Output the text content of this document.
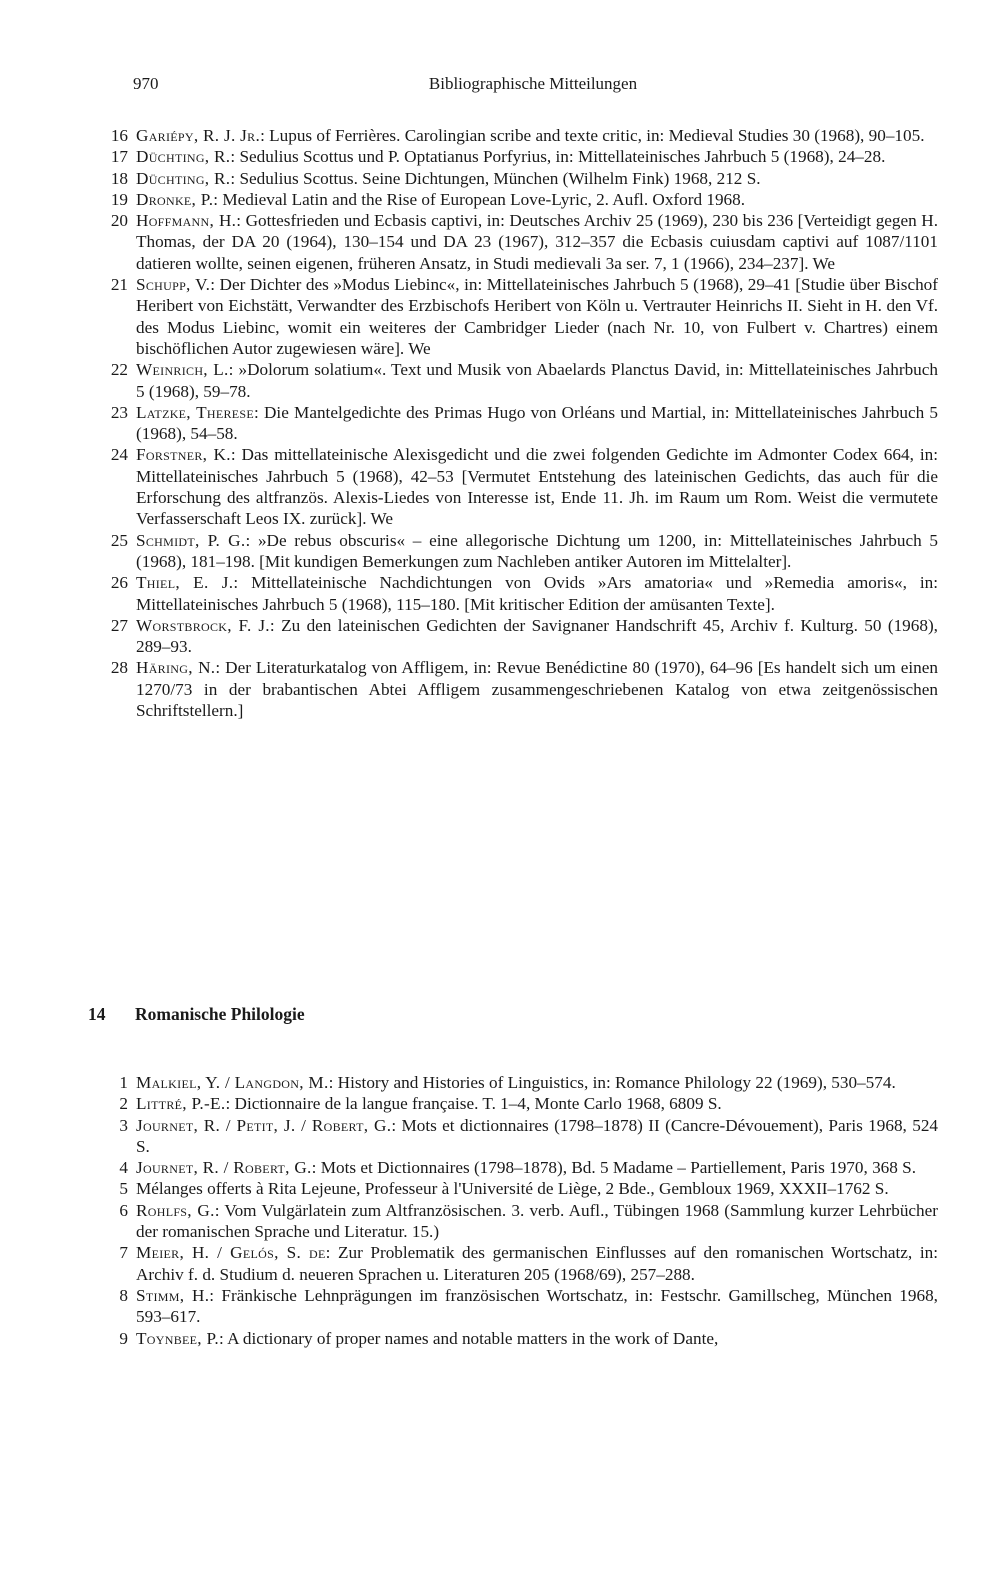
970	Bibliographische Mitteilungen

16 Gariépy, R. J. Jr.: Lupus of Ferrières. Carolingian scribe and texte critic, in: Medieval Studies 30 (1968), 90–105.

17 Düchting, R.: Sedulius Scottus und P. Optatianus Porfyrius, in: Mittellateinisches Jahrbuch 5 (1968), 24–28.

18 Düchting, R.: Sedulius Scottus. Seine Dichtungen, München (Wilhelm Fink) 1968, 212 S.

19 Dronke, P.: Medieval Latin and the Rise of European Love-Lyric, 2. Aufl. Oxford 1968.

20 Hoffmann, H.: Gottesfrieden und Ecbasis captivi, in: Deutsches Archiv 25 (1969), 230 bis 236 [Verteidigt gegen H. Thomas, der DA 20 (1964), 130–154 und DA 23 (1967), 312–357 die Ecbasis cuiusdam captivi auf 1087/1101 datieren wollte, seinen eigenen, früheren Ansatz, in Studi medievali 3a ser. 7, 1 (1966), 234–237]. We

21 Schupp, V.: Der Dichter des »Modus Liebinc«, in: Mittellateinisches Jahrbuch 5 (1968), 29–41 [Studie über Bischof Heribert von Eichstätt, Verwandter des Erzbischofs Heribert von Köln u. Vertrauter Heinrichs II. Sieht in H. den Vf. des Modus Liebinc, womit ein weiteres der Cambridger Lieder (nach Nr. 10, von Fulbert v. Chartres) einem bischöflichen Autor zugewiesen wäre]. We

22 Weinrich, L.: »Dolorum solatium«. Text und Musik von Abaelards Planctus David, in: Mittellateinisches Jahrbuch 5 (1968), 59–78.

23 Latzke, Therese: Die Mantelgedichte des Primas Hugo von Orléans und Martial, in: Mittellateinisches Jahrbuch 5 (1968), 54–58.

24 Forstner, K.: Das mittellateinische Alexisgedicht und die zwei folgenden Gedichte im Admonter Codex 664, in: Mittellateinisches Jahrbuch 5 (1968), 42–53 [Vermutet Entstehung des lateinischen Gedichts, das auch für die Erforschung des altfranzös. Alexis-Liedes von Interesse ist, Ende 11. Jh. im Raum um Rom. Weist die vermutete Verfasserschaft Leos IX. zurück]. We

25 Schmidt, P. G.: »De rebus obscuris« – eine allegorische Dichtung um 1200, in: Mittellateinisches Jahrbuch 5 (1968), 181–198. [Mit kundigen Bemerkungen zum Nachleben antiker Autoren im Mittelalter].

26 Thiel, E. J.: Mittellateinische Nachdichtungen von Ovids »Ars amatoria« und »Remedia amoris«, in: Mittellateinisches Jahrbuch 5 (1968), 115–180. [Mit kritischer Edition der amüsanten Texte].

27 Worstbrock, F. J.: Zu den lateinischen Gedichten der Savignaner Handschrift 45, Archiv f. Kulturg. 50 (1968), 289–93.

28 Häring, N.: Der Literaturkatalog von Affligem, in: Revue Benédictine 80 (1970), 64–96 [Es handelt sich um einen 1270/73 in der brabantischen Abtei Affligem zusammengeschriebenen Katalog von etwa zeitgenössischen Schriftstellern.]

14 Romanische Philologie

1 Malkiel, Y. / Langdon, M.: History and Histories of Linguistics, in: Romance Philology 22 (1969), 530–574.

2 Littré, P.-E.: Dictionnaire de la langue française. T. 1–4, Monte Carlo 1968, 6809 S.

3 Journet, R. / Petit, J. / Robert, G.: Mots et dictionnaires (1798–1878) II (Cancre-Dévouement), Paris 1968, 524 S.

4 Journet, R. / Robert, G.: Mots et Dictionnaires (1798–1878), Bd. 5 Madame – Partiellement, Paris 1970, 368 S.

5 Mélanges offerts à Rita Lejeune, Professeur à l'Université de Liège, 2 Bde., Gembloux 1969, XXXII–1762 S.

6 Rohlfs, G.: Vom Vulgärlatein zum Altfranzösischen. 3. verb. Aufl., Tübingen 1968 (Sammlung kurzer Lehrbücher der romanischen Sprache und Literatur. 15.)

7 Meier, H. / Gelós, S. de: Zur Problematik des germanischen Einflusses auf den romanischen Wortschatz, in: Archiv f. d. Studium d. neueren Sprachen u. Literaturen 205 (1968/69), 257–288.

8 Stimm, H.: Fränkische Lehnprägungen im französischen Wortschatz, in: Festschr. Gamillscheg, München 1968, 593–617.

9 Toynbee, P.: A dictionary of proper names and notable matters in the work of Dante,
